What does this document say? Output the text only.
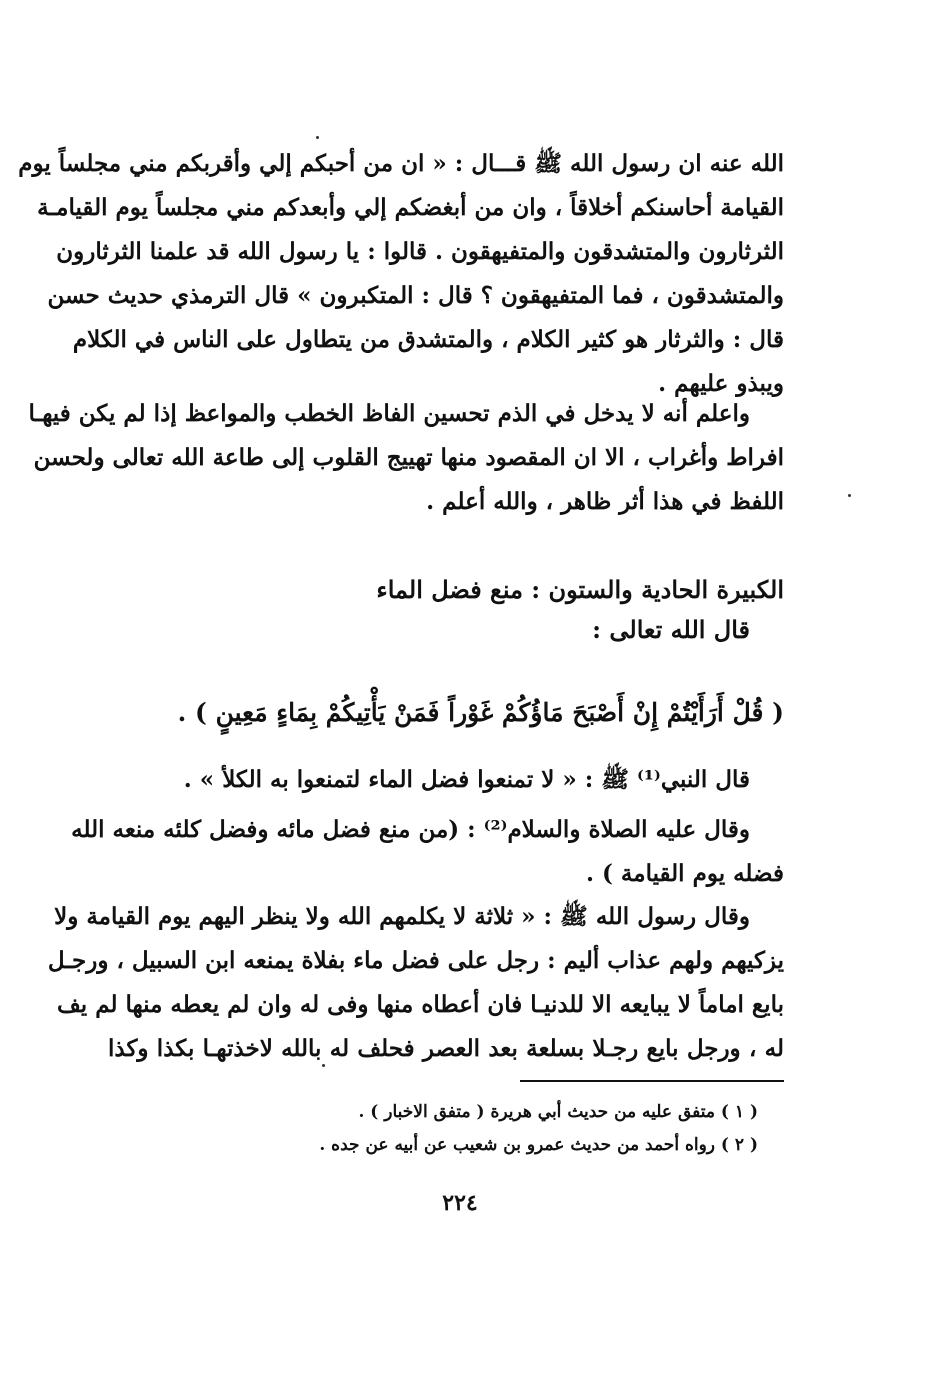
الله عنه ان رسول الله ﷺ قـــال : « ان من أحبكم إلي وأقربكم مني مجلساً يوم
القيامة أحاسنكم أخلاقاً ، وان من أبغضكم إلي وأبعدكم مني مجلساً يوم القيامـة
الثرثارون والمتشدقون والمتفيهقون . قالوا : يا رسول الله قد علمنا الثرثارون
والمتشدقون ، فما المتفيهقون ؟ قال : المتكبرون » قال الترمذي حديث حسن
قال : والثرثار هو كثير الكلام ، والمتشدق من يتطاول على الناس في الكلام
ويبذو عليهم .

واعلم أنه لا يدخل في الذم تحسين الفاظ الخطب والمواعظ إذا لم يكن فيهـا
افراط وأغراب ، الا ان المقصود منها تهييج القلوب إلى طاعة الله تعالى ولحسن
اللفظ في هذا أثر ظاهر ، والله أعلم .

الكبيرة الحادية والستون : منع فضل الماء

قال الله تعالى :

( قُلْ أَرَأَيْتُمْ إِنْ أَصْبَحَ مَاؤُكُمْ غَوْراً فَمَنْ يَأْتِيكُمْ بِمَاءٍ مَعِينٍ ) .

قال النبي⁽¹⁾ ﷺ : « لا تمنعوا فضل الماء لتمنعوا به الكلأ » .

وقال عليه الصلاة والسلام⁽²⁾ : (من منع فضل مائه وفضل كلئه منعه الله
فضله يوم القيامة ) .

وقال رسول الله ﷺ : « ثلاثة لا يكلمهم الله ولا ينظر اليهم يوم القيامة ولا
يزكيهم ولهم عذاب أليم : رجل على فضل ماء بفلاة يمنعه ابن السبيل ، ورجـل
بايع اماماً لا يبايعه الا للدنيـا فان أعطاه منها وفى له وان لم يعطه منها لم يف
له ، ورجل بايع رجـلا بسلعة بعد العصر فحلف له بالله لاخذتهـا بكذا وكذا

( ١ ) متفق عليه من حديث أبي هريرة ( متفق الاخبار ) .
( ٢ ) رواه أحمد من حديث عمرو بن شعيب عن أبيه عن جده .
٢٢٤
